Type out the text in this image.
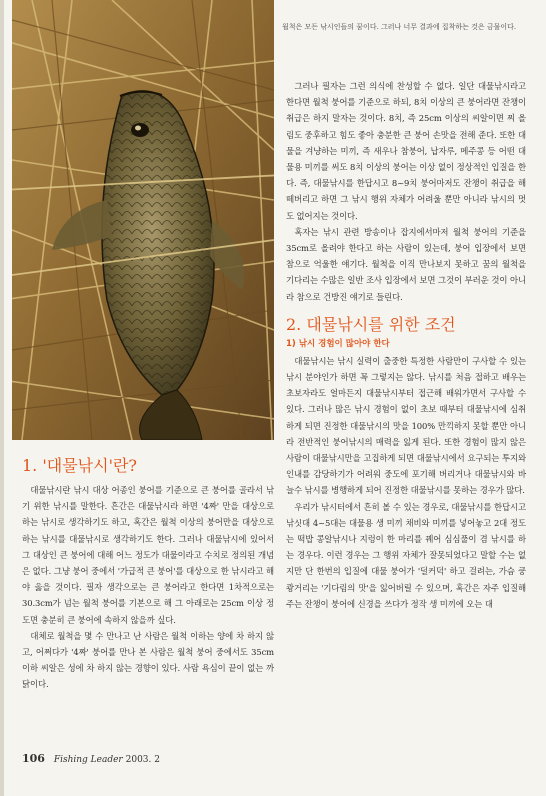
월척은 모든 낚시인들의 꿈이다. 그러나 너무 결과에 집착하는 것은 금물이다.

그러나 필자는 그런 의식에 찬성할 수 없다. 일단 대물낚시라고 한다면 월척 붕어를 기준으로 하되, 8치 이상의 큰 붕어라면 잔챙이 취급은 하지 말자는 것이다. 8치, 즉 25cm 이상의 씨알이면 찌 올림도 중후하고 힘도 좋아 충분한 큰 붕어 손맛을 전해 준다. 또한 대물을 겨냥하는 미끼, 즉 새우나 참붕어, 납자루, 메주콩 등 어떤 대물용 미끼를 써도 8치 이상의 붕어는 이상 없이 정상적인 입질을 한다. 즉, 대물낚시를 한답시고 8~9치 붕어마저도 잔챙이 취급을 해 떼버리고 하면 그 낚시 행위 자체가 어려울 뿐만 아니라 낚시의 멋도 없어지는 것이다.

혹자는 낚시 관련 방송이나 잡지에서마저 월척 붕어의 기준을 35cm로 올려야 한다고 하는 사람이 있는데, 붕어 입장에서 보면 참으로 억울한 얘기다. 월척을 이직 만나보지 못하고 꿈의 월척을 기다리는 수많은 일반 조사 입장에서 보면 그것이 부러운 것이 아니라 참으로 건방진 얘기로 들린다.

2. 대물낚시를 위한 조건
1) 낚시 경험이 많아야 한다

대물낚시는 낚시 실력이 출중한 특정한 사람만이 구사할 수 있는 낚시 분야인가 하면 꼭 그렇지는 않다. 낚시를 처음 접하고 배우는 초보자라도 얼마든지 대물낚시부터 접근해 배워가면서 구사할 수 있다. 그러나 많은 낚시 경험이 없이 초보 때부터 대물낚시에 심취하게 되면 진정한 대물낚시의 맛을 100% 만끽하지 못할 뿐만 아니라 전반적인 붕어낚시의 매력을 잃게 된다. 또한 경험이 많지 않은 사람이 대물낚시만을 고집하게 되면 대물낚시에서 요구되는 투지와 인내를 감당하기가 어려워 중도에 포기해 버리거나 대물낚시와 바늘수 낚시를 병행하게 되어 진정한 대물낚시를 못하는 경우가 많다.

우리가 낚시터에서 흔히 볼 수 있는 경우로, 대물낚시를 한답시고 낚싯대 4~5대는 대물용 생 미끼 채비와 미끼를 넣어놓고 2대 정도는 떡밥 콩알낚시나 지렁이 한 마리를 꿰어 심심풀이 겸 낚시를 하는 경우다. 이런 경우는 그 행위 자체가 잘못되었다고 말할 수는 없지만 단 한번의 입질에 대물 붕어가 '덜커덕' 하고 걸려는, 가슴 쿵쾅거리는 '기다림의 맛'을 잃어버릴 수 있으며, 혹간은 자주 입질해 주는 잔챙이 붕어에 신경을 쓰다가 정작 생 미끼에 오는 대

1. '대물낚시'란?

대물낚시란 낚시 대상 어종인 붕어를 기준으로 큰 붕어를 골라서 낚기 위한 낚시를 말한다. 흔간은 대물낚시라 하면 '4짜' 만을 대상으로 하는 낚시로 생각하기도 하고, 혹간은 월척 이상의 붕어만을 대상으로 하는 낚시를 대물낚시로 생각하기도 한다. 그러나 대물낚시에 있어서 그 대상인 큰 붕어에 대해 어느 정도가 대물이라고 수치로 정의된 개념은 없다. 그냥 붕어 중에서 '가급적 큰 붕어'를 대상으로 한 낚시라고 해야 옳을 것이다. 필자 생각으로는 큰 붕어라고 한다면 1차적으로는 30.3cm가 넘는 월척 붕어를 기본으로 해 그 아래로는 25cm 이상 정도면 충분히 큰 붕어에 속하지 않을까 싶다.

대체로 월척을 몇 수 만나고 난 사람은 월척 이하는 양에 차 하지 않고, 어쩌다가 '4짜' 붕어를 만나 본 사람은 월척 붕어 중에서도 35cm 이하 씨알은 성에 차 하지 않는 경향이 있다. 사람 욕심이 끝이 없는 까닭이다.

106 Fishing Leader 2003. 2
